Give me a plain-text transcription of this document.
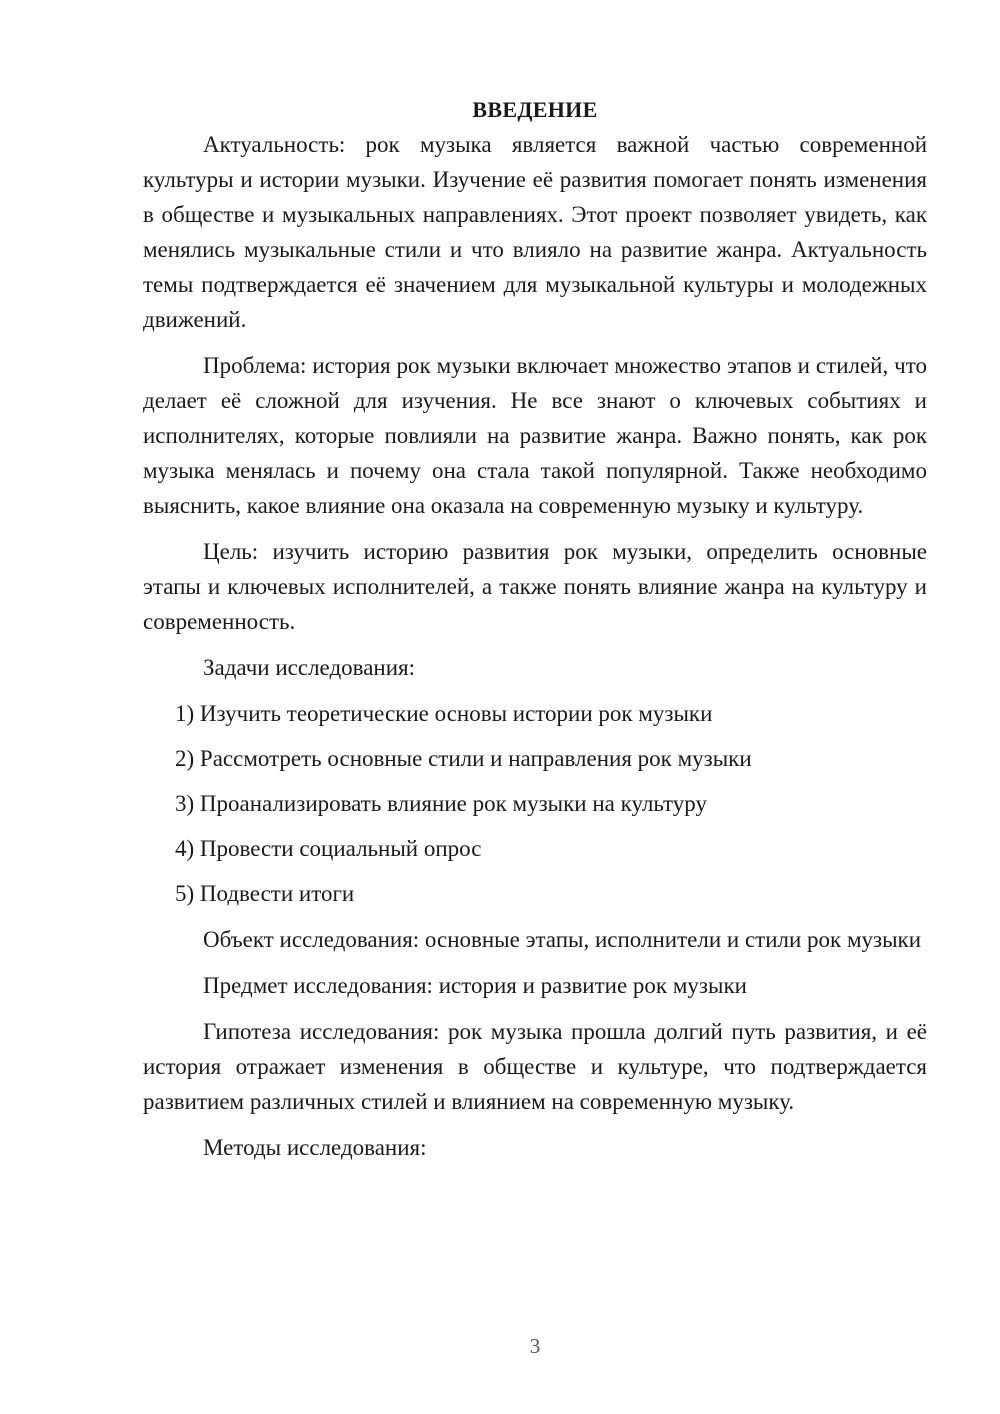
ВВЕДЕНИЕ

Актуальность: рок музыка является важной частью современной культуры и истории музыки. Изучение её развития помогает понять изменения в обществе и музыкальных направлениях. Этот проект позволяет увидеть, как менялись музыкальные стили и что влияло на развитие жанра. Актуальность темы подтверждается её значением для музыкальной культуры и молодежных движений.

Проблема: история рок музыки включает множество этапов и стилей, что делает её сложной для изучения. Не все знают о ключевых событиях и исполнителях, которые повлияли на развитие жанра. Важно понять, как рок музыка менялась и почему она стала такой популярной. Также необходимо выяснить, какое влияние она оказала на современную музыку и культуру.

Цель: изучить историю развития рок музыки, определить основные этапы и ключевых исполнителей, а также понять влияние жанра на культуру и современность.

Задачи исследования:

1) Изучить теоретические основы истории рок музыки
2) Рассмотреть основные стили и направления рок музыки
3) Проанализировать влияние рок музыки на культуру
4) Провести социальный опрос
5) Подвести итоги

Объект исследования: основные этапы, исполнители и стили рок музыки

Предмет исследования: история и развитие рок музыки

Гипотеза исследования: рок музыка прошла долгий путь развития, и её история отражает изменения в обществе и культуре, что подтверждается развитием различных стилей и влиянием на современную музыку.

Методы исследования:

3
